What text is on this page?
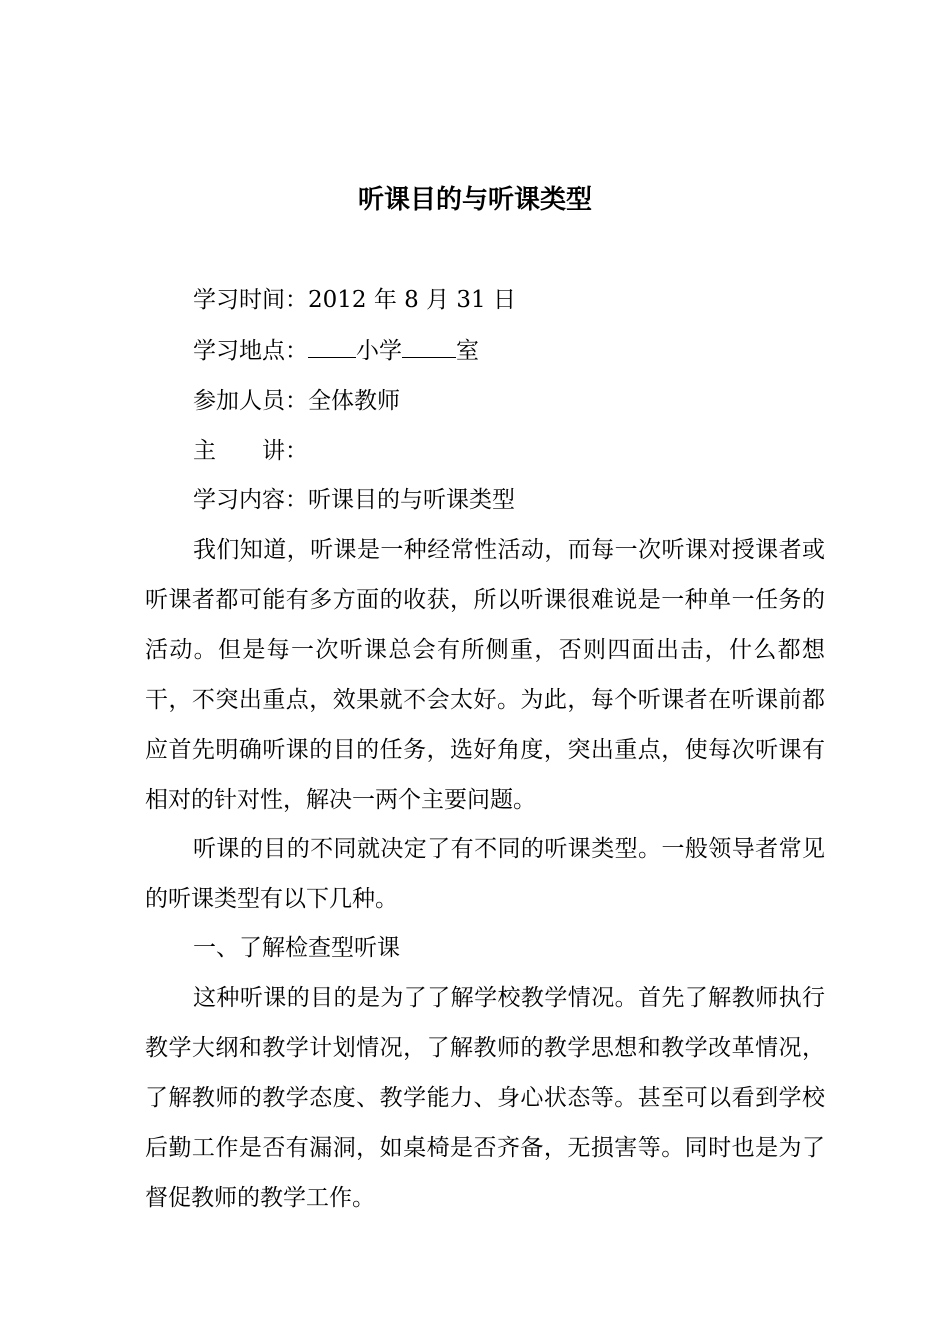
听课目的与听课类型

学习时间：2012 年 8 月 31 日

学习地点： 小学 室

参加人员：全体教师

主 讲：

学习内容：听课目的与听课类型

我们知道，听课是一种经常性活动，而每一次听课对授课者或听课者都可能有多方面的收获，所以听课很难说是一种单一任务的活动。但是每一次听课总会有所侧重，否则四面出击，什么都想干，不突出重点，效果就不会太好。为此，每个听课者在听课前都应首先明确听课的目的任务，选好角度，突出重点，使每次听课有相对的针对性，解决一两个主要问题。

听课的目的不同就决定了有不同的听课类型。一般领导者常见的听课类型有以下几种。

一、了解检查型听课

这种听课的目的是为了了解学校教学情况。首先了解教师执行教学大纲和教学计划情况，了解教师的教学思想和教学改革情况，了解教师的教学态度、教学能力、身心状态等。甚至可以看到学校后勤工作是否有漏洞，如桌椅是否齐备，无损害等。同时也是为了督促教师的教学工作。
